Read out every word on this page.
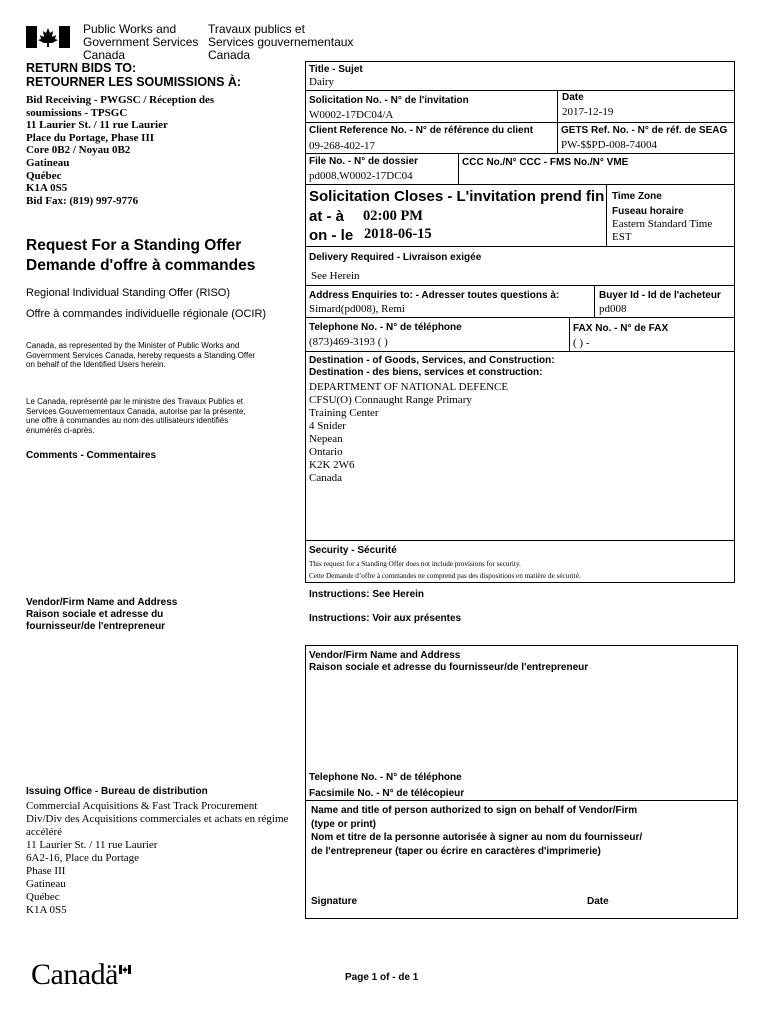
Public Works and
Government Services
Canada
Travaux publics et
Services gouvernementaux
Canada
RETURN BIDS TO:
RETOURNER LES SOUMISSIONS À:
Bid Receiving - PWGSC / Réception des
soumissions - TPSGC
11 Laurier St. / 11 rue Laurier
Place du Portage, Phase III
Core 0B2 / Noyau 0B2
Gatineau
Québec
K1A 0S5
Bid Fax: (819) 997-9776
Request For a Standing Offer
Demande d'offre à commandes
Regional Individual Standing Offer (RISO)
Offre à commandes individuelle régionale (OCIR)
Canada, as represented by the Minister of Public Works and
Government Services Canada, hereby requests a Standing Offer
on behalf of the Identified Users herein.
Le Canada, représenté par le ministre des Travaux Publics et
Services Gouvernementaux Canada, autorise par la présente,
une offre à commandes au nom des utilisateurs identifiés
énumérés ci-après.
Comments - Commentaires
Vendor/Firm Name and Address
Raison sociale et adresse du
fournisseur/de l'entrepreneur
Issuing Office - Bureau de distribution
Commercial Acquisitions & Fast Track Procurement
Div/Div des Acquisitions commerciales et achats en régime
accéléré
11 Laurier St. / 11 rue Laurier
6A2-16, Place du Portage
Phase III
Gatineau
Québec
K1A 0S5
Title - Sujet
Dairy
Solicitation No. - N° de l'invitation
W0002-17DC04/A
Date
2017-12-19
Client Reference No. - N° de référence du client
09-268-402-17
GETS Ref. No. - N° de réf. de SEAG
PW-$$PD-008-74004
File No. - N° de dossier
pd008.W0002-17DC04
CCC No./N° CCC - FMS No./N° VME
Solicitation Closes - L'invitation prend fin
at - à 02:00 PM
on - le 2018-06-15
Time Zone
Fuseau horaire
Eastern Standard Time
EST
Delivery Required - Livraison exigée
See Herein
Address Enquiries to: - Adresser toutes questions à:
Simard(pd008), Remi
Buyer Id - Id de l'acheteur
pd008
Telephone No. - N° de téléphone
(873)469-3193 ( )
FAX No. - N° de FAX
( ) -
Destination - of Goods, Services, and Construction:
Destination - des biens, services et construction:
DEPARTMENT OF NATIONAL DEFENCE
CFSU(O) Connaught Range Primary
Training Center
4 Snider
Nepean
Ontario
K2K 2W6
Canada
Security - Sécurité
This request for a Standing Offer does not include provisions for security.
Cette Demande d’offre à commandes ne comprend pas des dispositions en matière de sécurité.
Instructions: See Herein
Instructions: Voir aux présentes
Vendor/Firm Name and Address
Raison sociale et adresse du fournisseur/de l'entrepreneur
Telephone No. - N° de téléphone
Facsimile No. - N° de télécopieur
Name and title of person authorized to sign on behalf of Vendor/Firm
(type or print)
Nom et titre de la personne autorisée à signer au nom du fournisseur/
de l'entrepreneur (taper ou écrire en caractères d'imprimerie)
Signature	Date
Canadä	Page 1 of - de 1
